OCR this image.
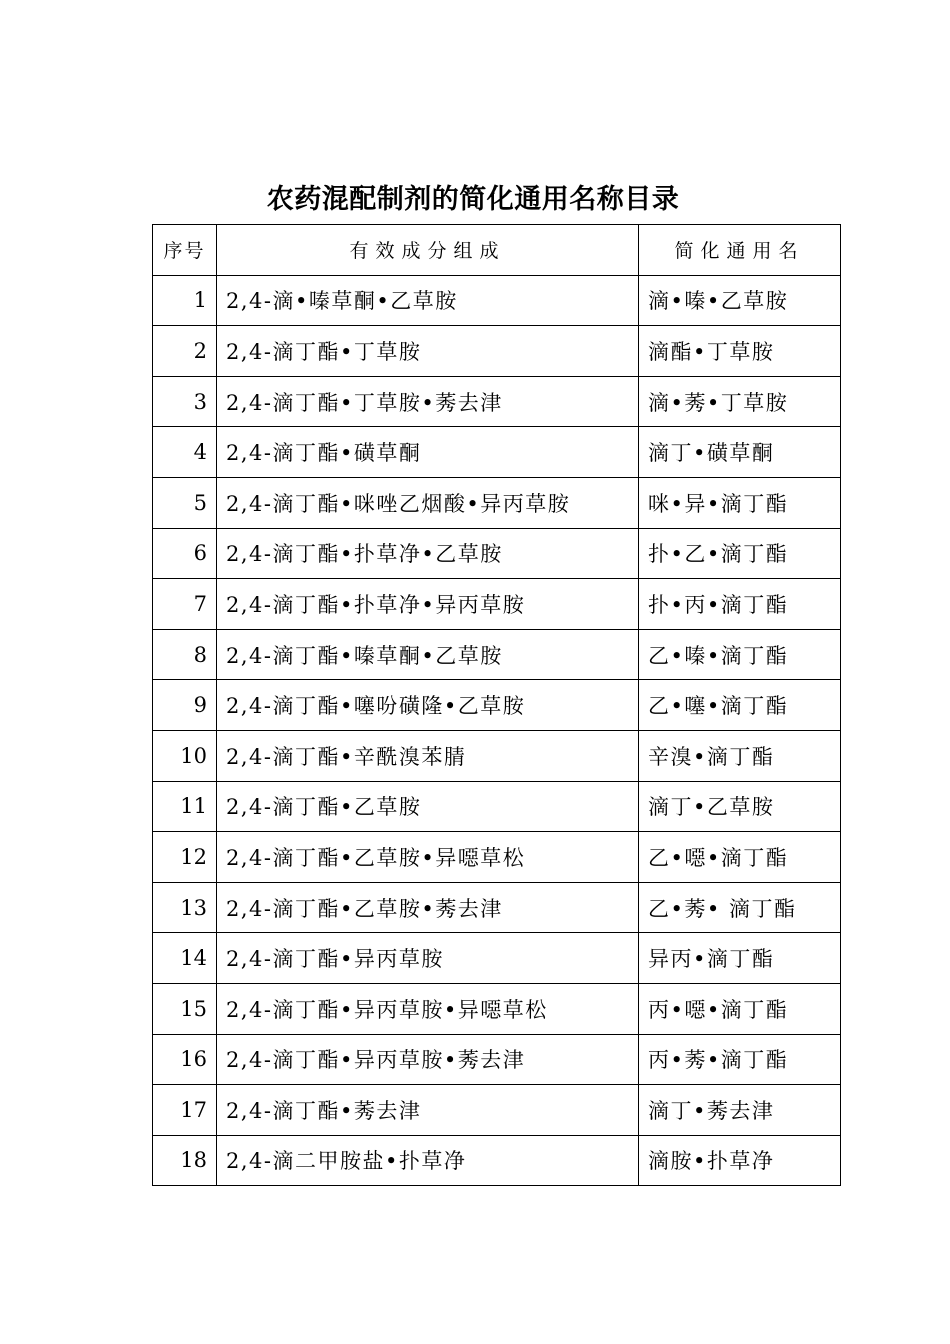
农药混配制剂的简化通用名称目录
序号	有效成分组成	简化通用名
1	2,4-滴•嗪草酮•乙草胺	滴•嗪•乙草胺
2	2,4-滴丁酯•丁草胺	滴酯•丁草胺
3	2,4-滴丁酯•丁草胺•莠去津	滴•莠•丁草胺
4	2,4-滴丁酯•磺草酮	滴丁•磺草酮
5	2,4-滴丁酯•咪唑乙烟酸•异丙草胺	咪•异•滴丁酯
6	2,4-滴丁酯•扑草净•乙草胺	扑•乙•滴丁酯
7	2,4-滴丁酯•扑草净•异丙草胺	扑•丙•滴丁酯
8	2,4-滴丁酯•嗪草酮•乙草胺	乙•嗪•滴丁酯
9	2,4-滴丁酯•噻吩磺隆•乙草胺	乙•噻•滴丁酯
10	2,4-滴丁酯•辛酰溴苯腈	辛溴•滴丁酯
11	2,4-滴丁酯•乙草胺	滴丁•乙草胺
12	2,4-滴丁酯•乙草胺•异噁草松	乙•噁•滴丁酯
13	2,4-滴丁酯•乙草胺•莠去津	乙•莠• 滴丁酯
14	2,4-滴丁酯•异丙草胺	异丙•滴丁酯
15	2,4-滴丁酯•异丙草胺•异噁草松	丙•噁•滴丁酯
16	2,4-滴丁酯•异丙草胺•莠去津	丙•莠•滴丁酯
17	2,4-滴丁酯•莠去津	滴丁•莠去津
18	2,4-滴二甲胺盐•扑草净	滴胺•扑草净
